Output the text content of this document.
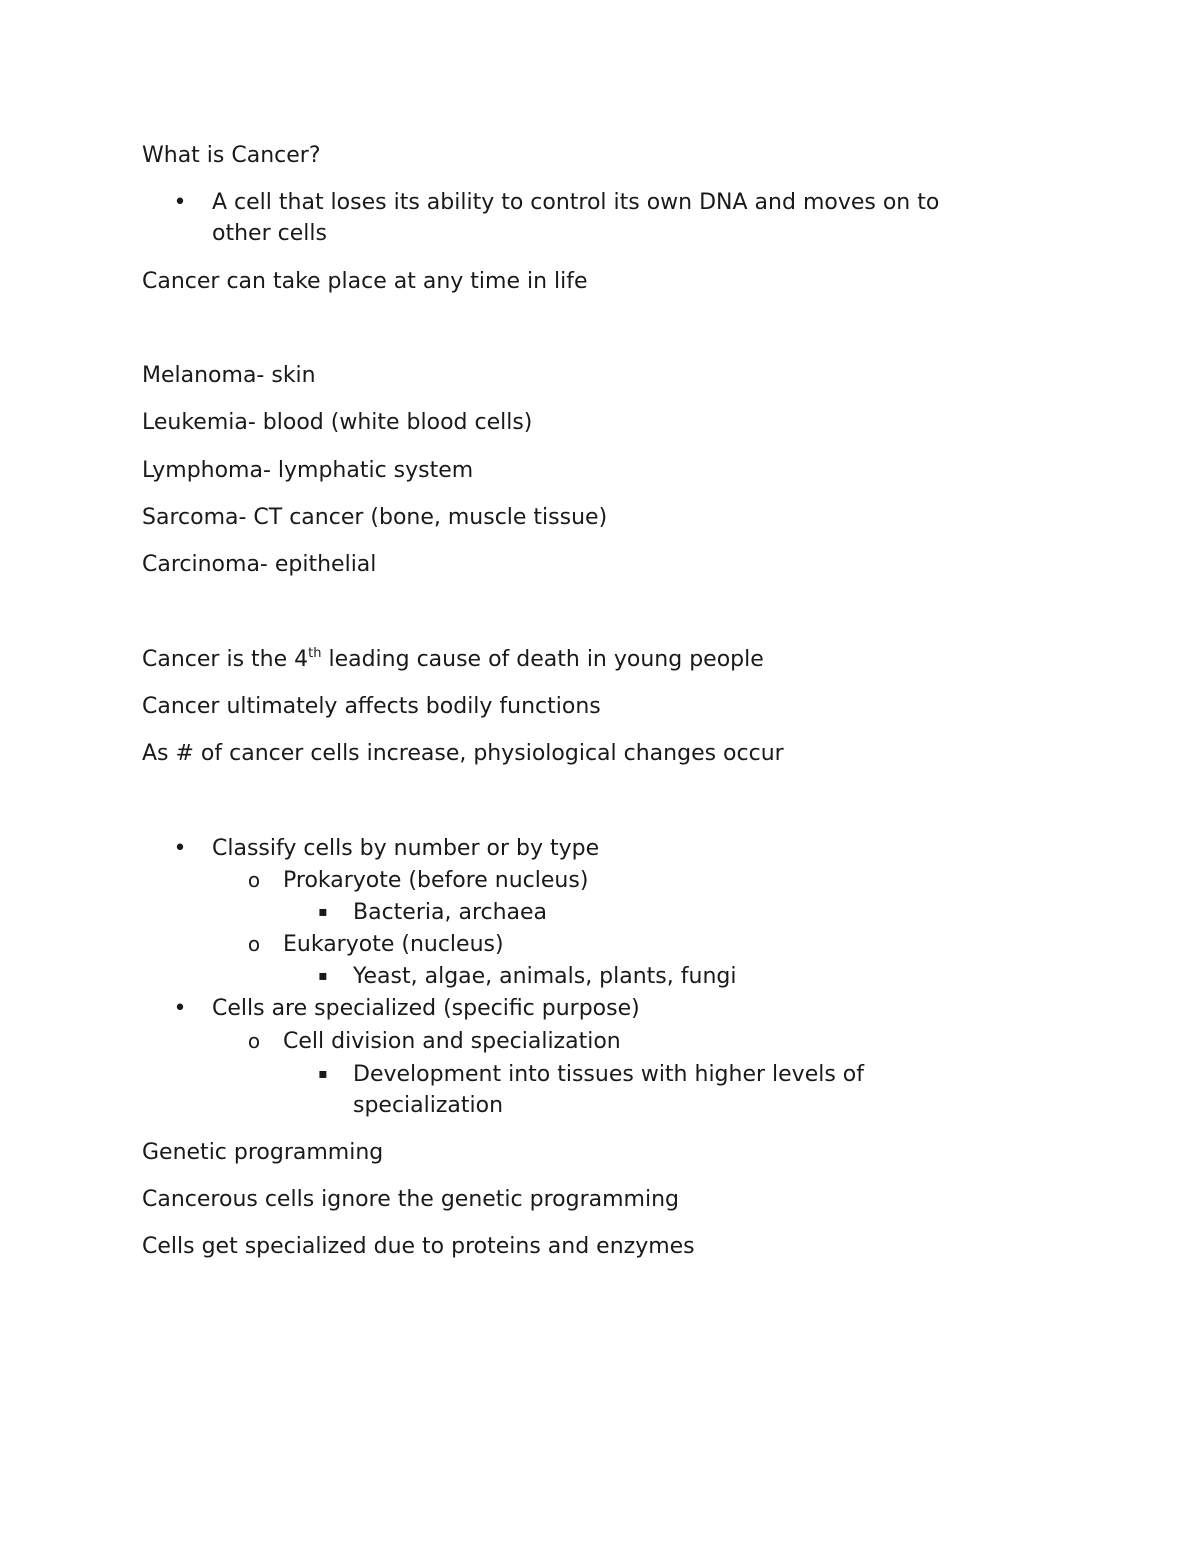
What is Cancer?
• A cell that loses its ability to control its own DNA and moves on to
other cells
Cancer can take place at any time in life
Melanoma- skin
Leukemia- blood (white blood cells)
Lymphoma- lymphatic system
Sarcoma- CT cancer (bone, muscle tissue)
Carcinoma- epithelial
Cancer is the 4th leading cause of death in young people
Cancer ultimately affects bodily functions
As # of cancer cells increase, physiological changes occur
• Classify cells by number or by type
o Prokaryote (before nucleus)
▪ Bacteria, archaea
o Eukaryote (nucleus)
▪ Yeast, algae, animals, plants, fungi
• Cells are specialized (specific purpose)
o Cell division and specialization
▪ Development into tissues with higher levels of
specialization
Genetic programming
Cancerous cells ignore the genetic programming
Cells get specialized due to proteins and enzymes
